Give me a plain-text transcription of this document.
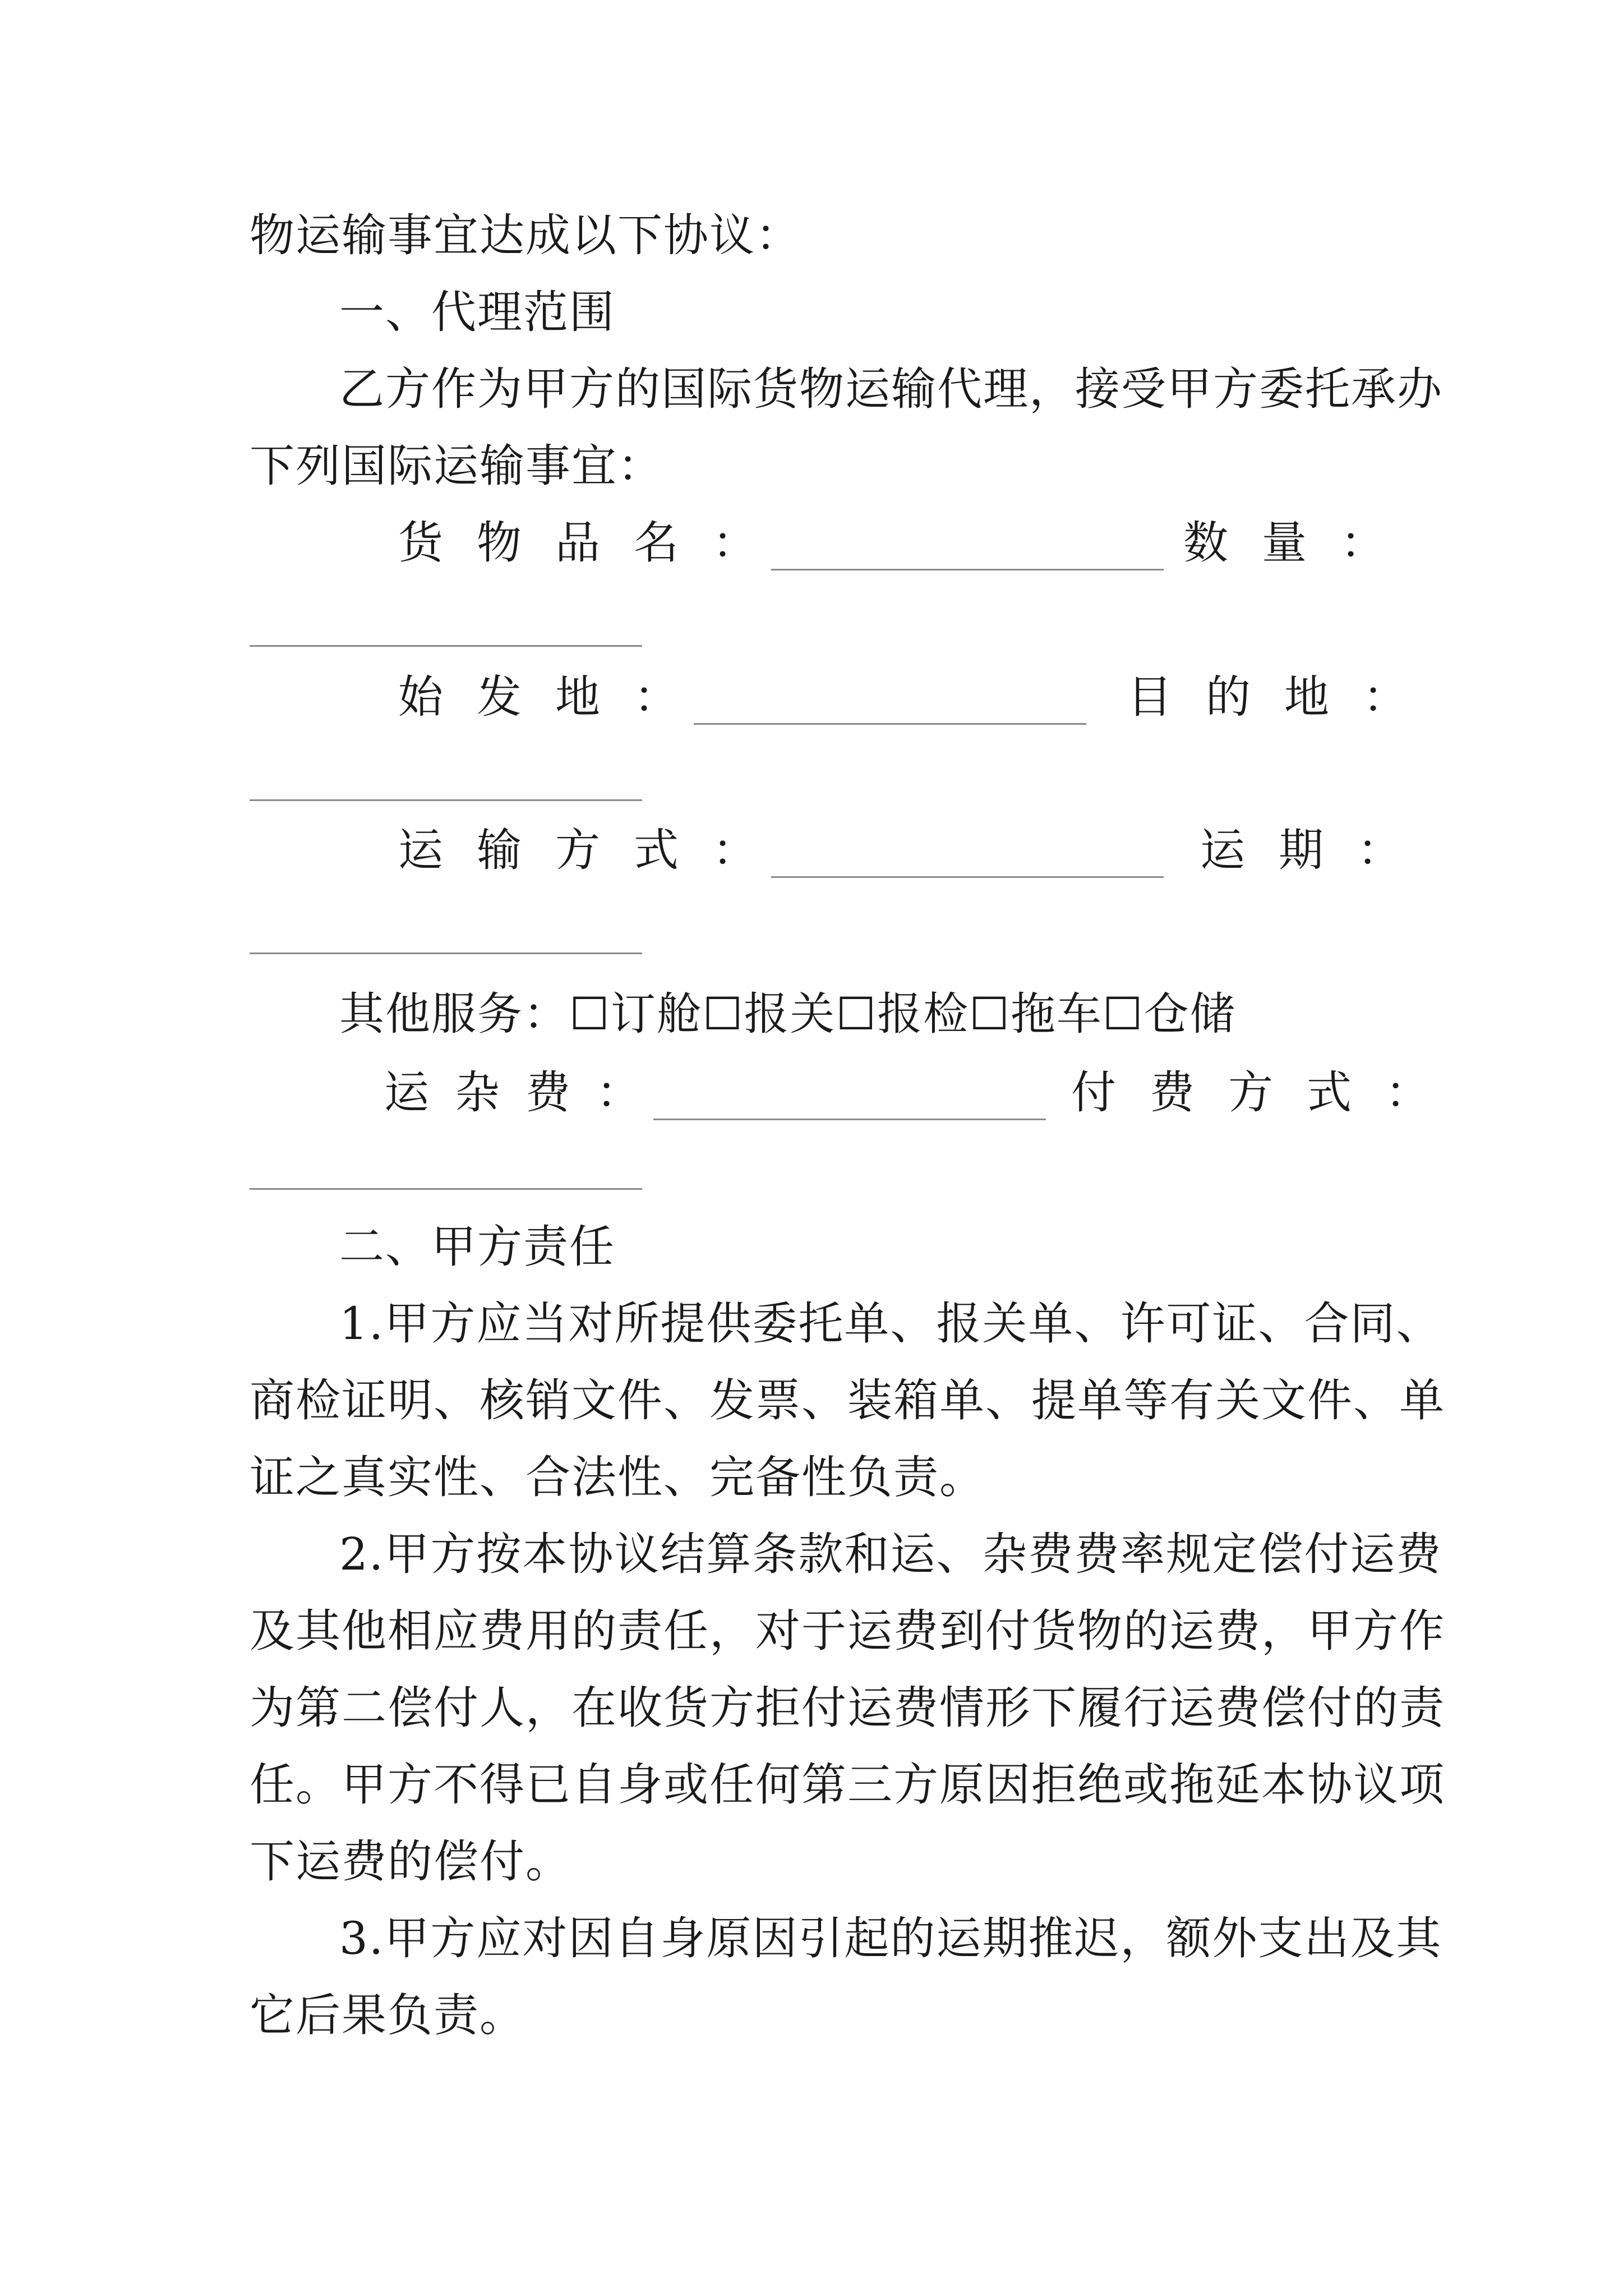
物运输事宜达成以下协议：
一、代理范围
乙方作为甲方的国际货物运输代理，接受甲方委托承办
下列国际运输事宜：
货物品名：	数量：
始发地：	目的地：
运输方式：	运期：
其他服务：☐订舱☐报关☐报检☐拖车☐仓储
运杂费：	付费方式：
二、甲方责任
1.甲方应当对所提供委托单、报关单、许可证、合同、
商检证明、核销文件、发票、装箱单、提单等有关文件、单
证之真实性、合法性、完备性负责。
2.甲方按本协议结算条款和运、杂费费率规定偿付运费
及其他相应费用的责任，对于运费到付货物的运费，甲方作
为第二偿付人，在收货方拒付运费情形下履行运费偿付的责
任。甲方不得已自身或任何第三方原因拒绝或拖延本协议项
下运费的偿付。
3.甲方应对因自身原因引起的运期推迟，额外支出及其
它后果负责。
